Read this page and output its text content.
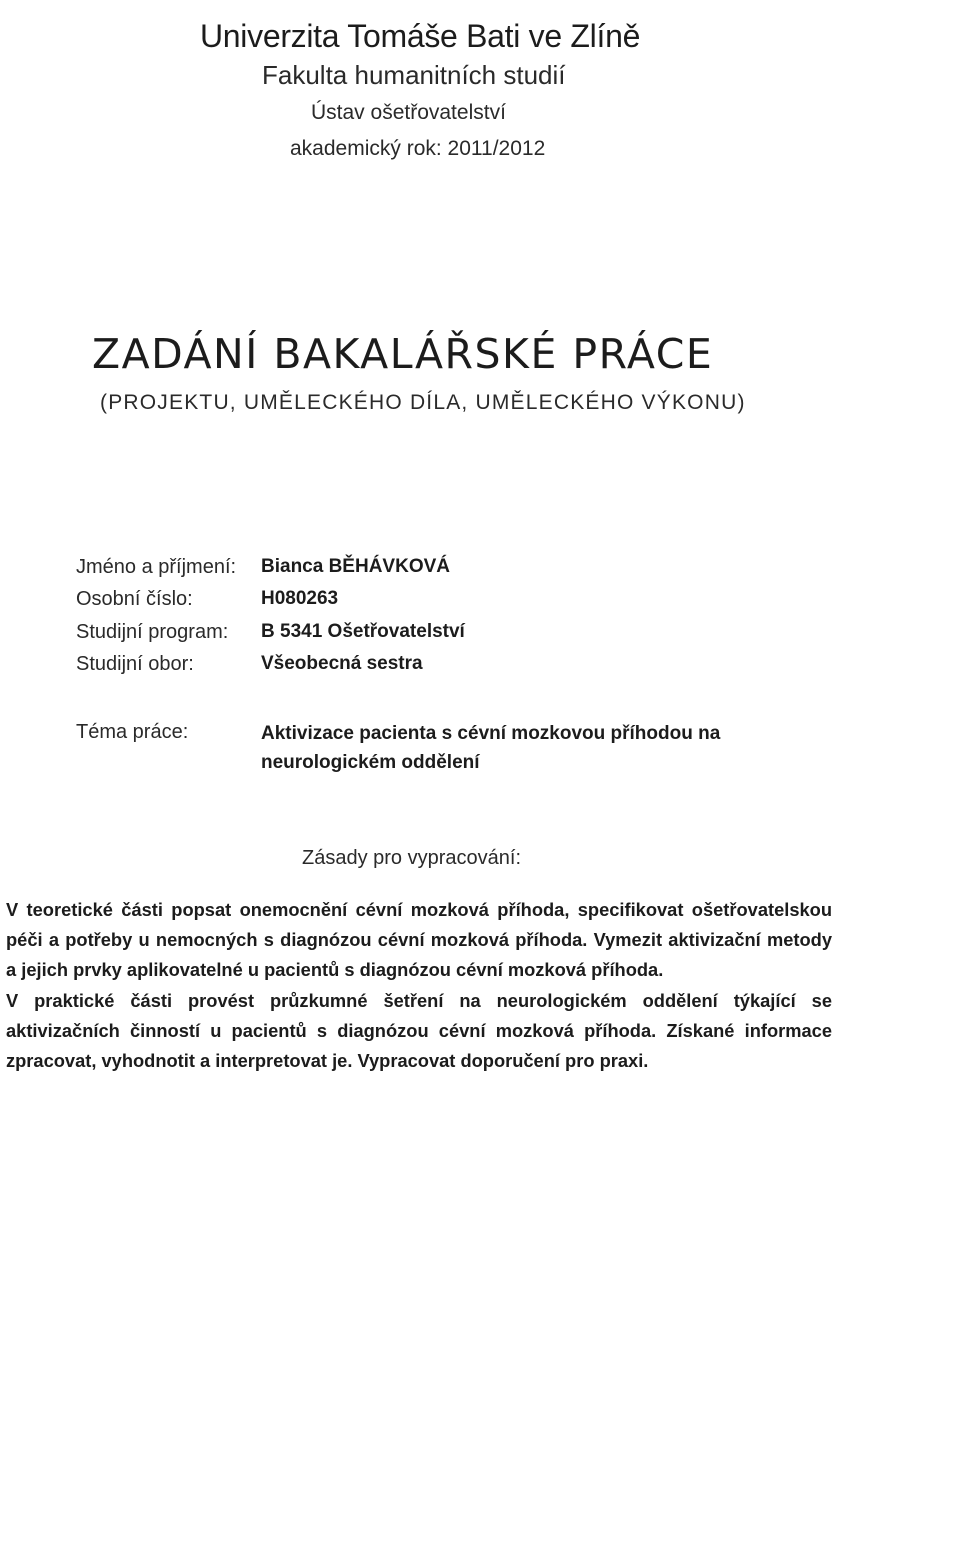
Univerzita Tomáše Bati ve Zlíně
Fakulta humanitních studií
Ústav ošetřovatelství
akademický rok: 2011/2012
ZADÁNÍ BAKALÁŘSKÉ PRÁCE
(PROJEKTU, UMĚLECKÉHO DÍLA, UMĚLECKÉHO VÝKONU)
Jméno a příjmení: Bianca BĚHÁVKOVÁ
Osobní číslo:	H080263
Studijní program: B 5341 Ošetřovatelství
Studijní obor:	Všeobecná sestra
Téma práce:	Aktivizace pacienta s cévní mozkovou příhodou na neurologickém oddělení
Zásady pro vypracování:

V teoretické části popsat onemocnění cévní mozková příhoda, specifikovat ošetřovatelskou péči a potřeby u nemocných s diagnózou cévní mozková příhoda. Vymezit aktivizační metody a jejich prvky aplikovatelné u pacientů s diagnózou cévní mozková příhoda.

V praktické části provést průzkumné šetření na neurologickém oddělení týkající se aktivizačních činností u pacientů s diagnózou cévní mozková příhoda. Získané informace zpracovat, vyhodnotit a interpretovat je. Vypracovat doporučení pro praxi.
